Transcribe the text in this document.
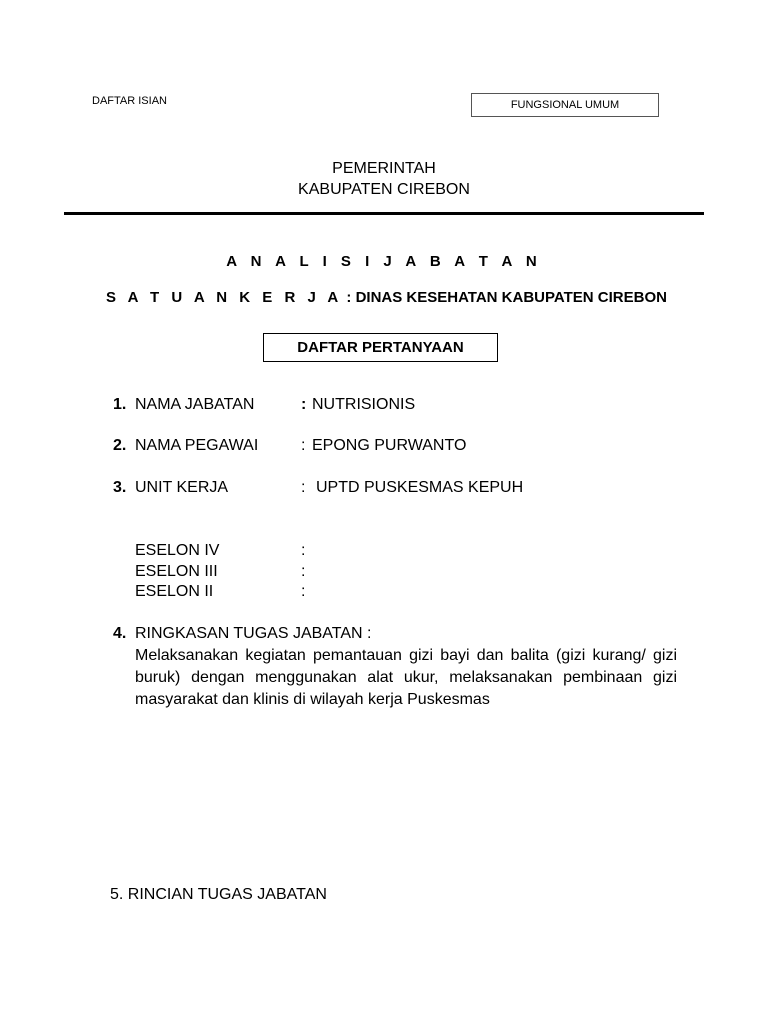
DAFTAR ISIAN	FUNGSIONAL UMUM
PEMERINTAH
KABUPATEN CIREBON
A N A L I S I J A B A T A N
S A T U A N K E R J A : DINAS KESEHATAN KABUPATEN CIREBON
DAFTAR PERTANYAAN
1. NAMA JABATAN	: NUTRISIONIS
2. NAMA PEGAWAI	: EPONG PURWANTO
3. UNIT KERJA	: UPTD PUSKESMAS KEPUH
ESELON IV	:
ESELON III	:
ESELON II	:
4. RINGKASAN TUGAS JABATAN :
Melaksanakan kegiatan pemantauan gizi bayi dan balita (gizi kurang/ gizi buruk) dengan menggunakan alat ukur, melaksanakan pembinaan gizi masyarakat dan klinis di wilayah kerja Puskesmas
5. RINCIAN TUGAS JABATAN
